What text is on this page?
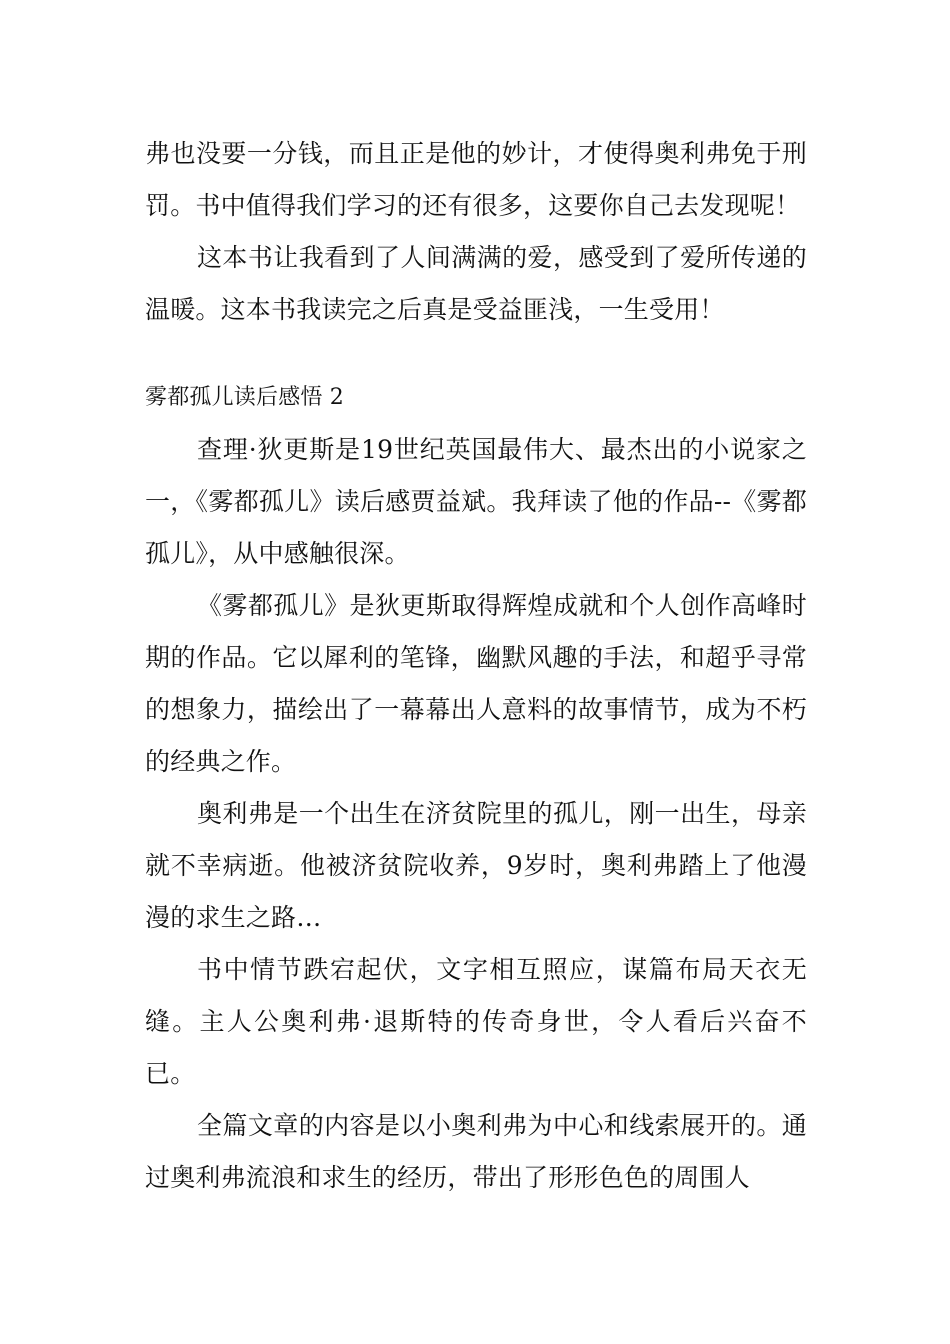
弗也没要一分钱，而且正是他的妙计，才使得奥利弗免于刑罚。书中值得我们学习的还有很多，这要你自己去发现呢！

这本书让我看到了人间满满的爱，感受到了爱所传递的温暖。这本书我读完之后真是受益匪浅，一生受用！

雾都孤儿读后感悟 2

查理·狄更斯是19世纪英国最伟大、最杰出的小说家之一，《雾都孤儿》读后感贾益斌。我拜读了他的作品--《雾都孤儿》，从中感触很深。

《雾都孤儿》是狄更斯取得辉煌成就和个人创作高峰时期的作品。它以犀利的笔锋，幽默风趣的手法，和超乎寻常的想象力，描绘出了一幕幕出人意料的故事情节，成为不朽的经典之作。

奥利弗是一个出生在济贫院里的孤儿，刚一出生，母亲就不幸病逝。他被济贫院收养，9岁时，奥利弗踏上了他漫漫的求生之路…

书中情节跌宕起伏，文字相互照应，谋篇布局天衣无缝。主人公奥利弗·退斯特的传奇身世，令人看后兴奋不已。

全篇文章的内容是以小奥利弗为中心和线索展开的。通过奥利弗流浪和求生的经历，带出了形形色色的周围人
